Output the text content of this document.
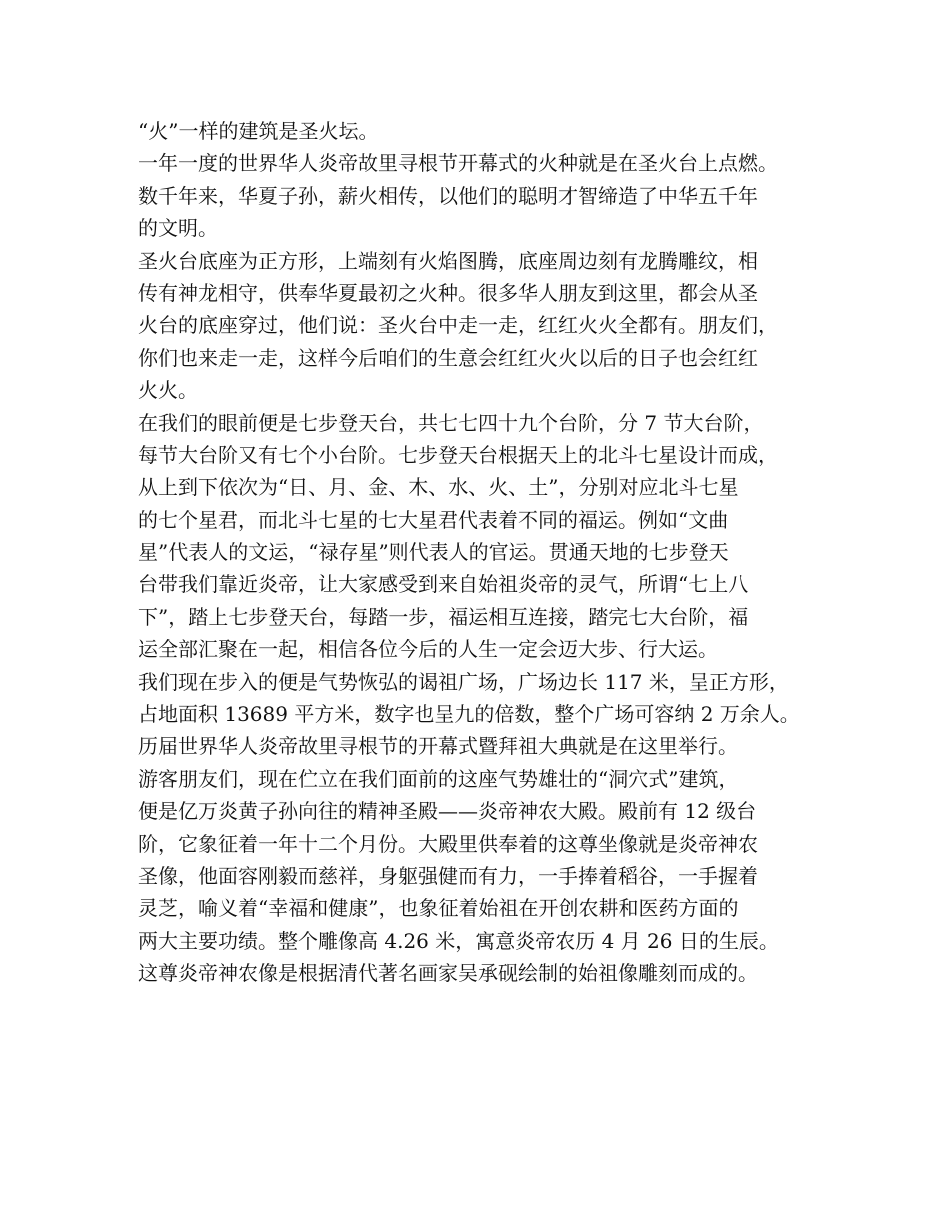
“火”一样的建筑是圣火坛。
一年一度的世界华人炎帝故里寻根节开幕式的火种就是在圣火台上点燃。
数千年来，华夏子孙，薪火相传，以他们的聪明才智缔造了中华五千年
的文明。
圣火台底座为正方形，上端刻有火焰图腾，底座周边刻有龙腾雕纹，相
传有神龙相守，供奉华夏最初之火种。很多华人朋友到这里，都会从圣
火台的底座穿过，他们说：圣火台中走一走，红红火火全都有。朋友们，
你们也来走一走，这样今后咱们的生意会红红火火以后的日子也会红红
火火。
在我们的眼前便是七步登天台，共七七四十九个台阶，分 7 节大台阶，
每节大台阶又有七个小台阶。七步登天台根据天上的北斗七星设计而成，
从上到下依次为“日、月、金、木、水、火、土”，分别对应北斗七星
的七个星君，而北斗七星的七大星君代表着不同的福运。例如“文曲
星”代表人的文运，“禄存星”则代表人的官运。贯通天地的七步登天
台带我们靠近炎帝，让大家感受到来自始祖炎帝的灵气，所谓“七上八
下”，踏上七步登天台，每踏一步，福运相互连接，踏完七大台阶，福
运全部汇聚在一起，相信各位今后的人生一定会迈大步、行大运。
我们现在步入的便是气势恢弘的谒祖广场，广场边长 117 米，呈正方形，
占地面积 13689 平方米，数字也呈九的倍数，整个广场可容纳 2 万余人。
历届世界华人炎帝故里寻根节的开幕式暨拜祖大典就是在这里举行。
游客朋友们，现在伫立在我们面前的这座气势雄壮的“洞穴式”建筑，
便是亿万炎黄子孙向往的精神圣殿——炎帝神农大殿。殿前有 12 级台
阶，它象征着一年十二个月份。大殿里供奉着的这尊坐像就是炎帝神农
圣像，他面容刚毅而慈祥，身躯强健而有力，一手捧着稻谷，一手握着
灵芝，喻义着“幸福和健康”，也象征着始祖在开创农耕和医药方面的
两大主要功绩。整个雕像高 4.26 米，寓意炎帝农历 4 月 26 日的生辰。
这尊炎帝神农像是根据清代著名画家吴承砚绘制的始祖像雕刻而成的。
